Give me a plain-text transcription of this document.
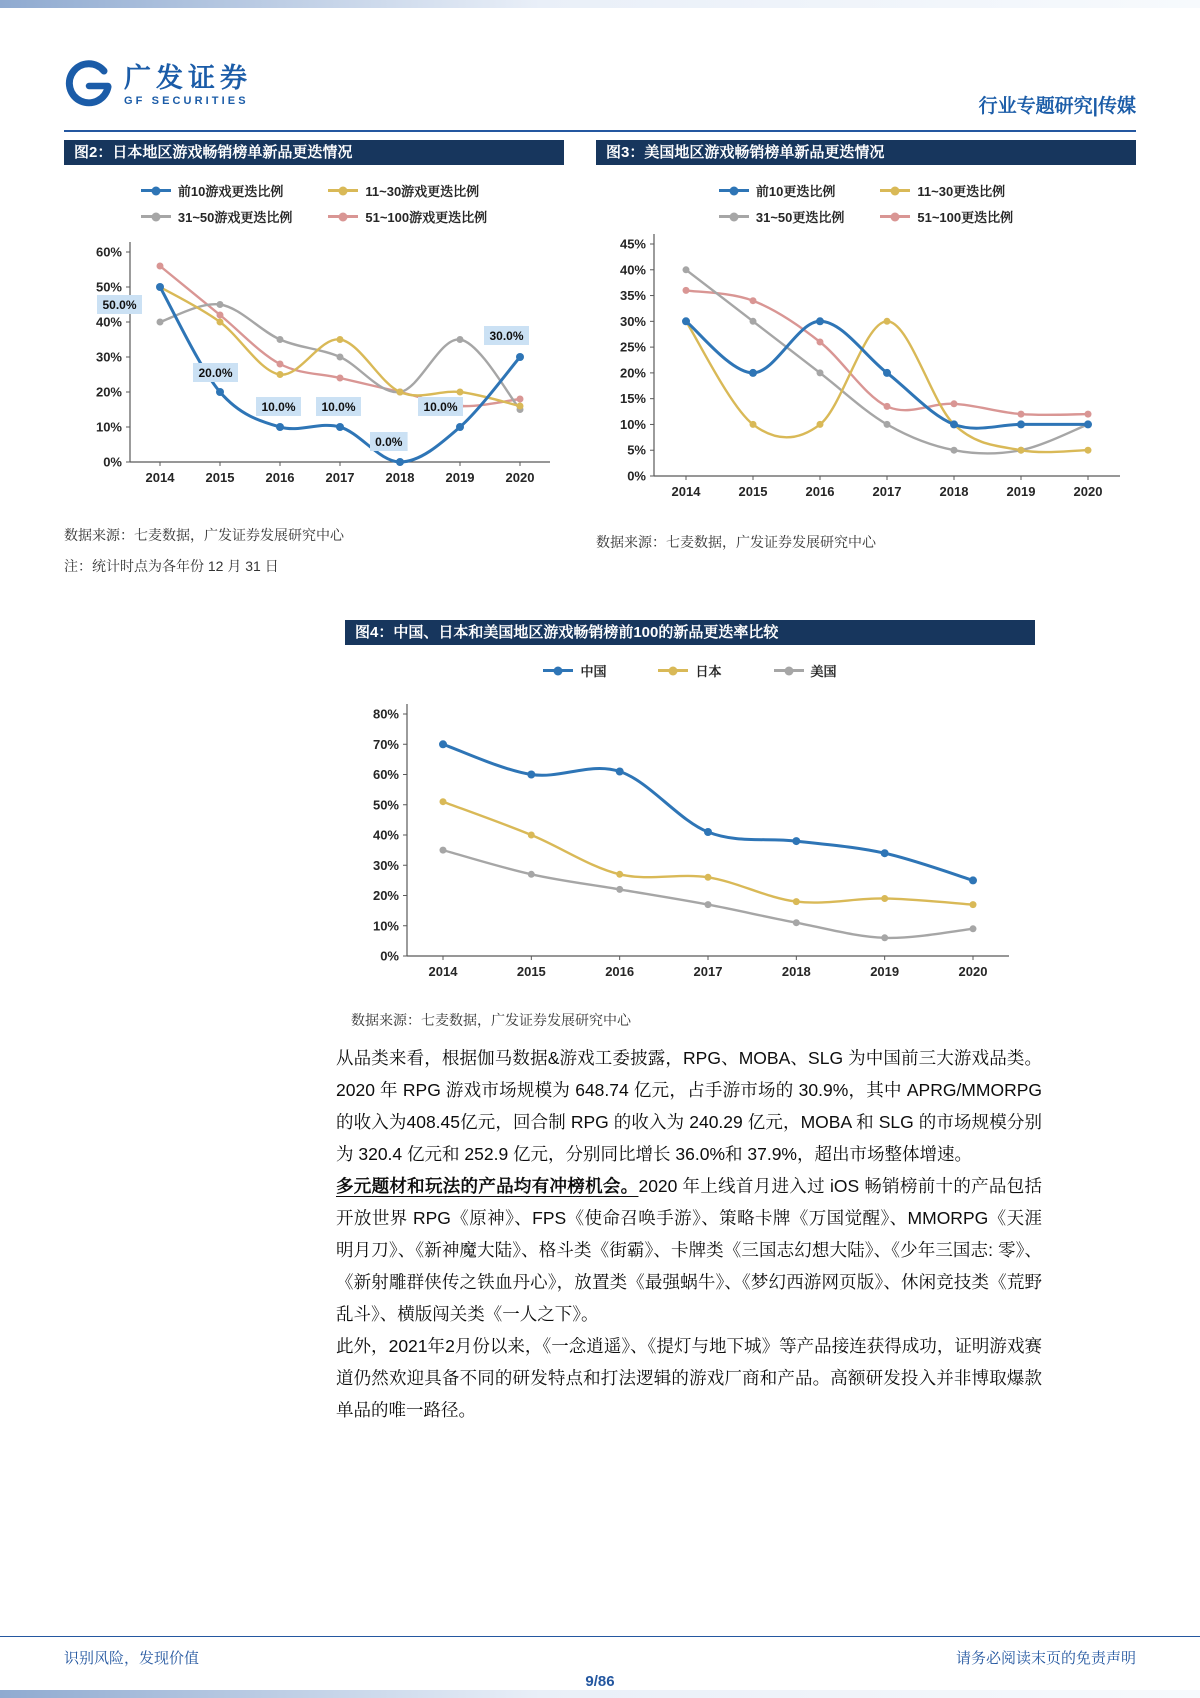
广发证券
GF SECURITIES	行业专题研究|传媒
图2：日本地区游戏畅销榜单新品更迭情况
前10游戏更迭比例	11~30游戏更迭比例
31~50游戏更迭比例	51~100游戏更迭比例
0%
10%
20%
30%
40%
50%
60%
2014 2015 2016 2017 2018 2019 2020
50.0%
20.0%
10.0% 10.0%
0.0%
10.0%
30.0%
数据来源：七麦数据，广发证券发展研究中心
注：统计时点为各年份 12 月 31 日
图3：美国地区游戏畅销榜单新品更迭情况
前10更迭比例	11~30更迭比例
31~50更迭比例	51~100更迭比例
0%
5%
10%
15%
20%
25%
30%
35%
40%
45%
2014	2015	2016	2017	2018	2019	2020
数据来源：七麦数据，广发证券发展研究中心
图4：中国、日本和美国地区游戏畅销榜前100的新品更迭率比较
中国	日本	美国
0%
10%
20%
30%
40%
50%
60%
70%
80%
2014	2015	2016	2017	2018	2019	2020
数据来源：七麦数据，广发证券发展研究中心

从品类来看，根据伽马数据&游戏工委披露，RPG、MOBA、SLG 为中国前三大游戏品类。2020 年 RPG 游戏市场规模为 648.74 亿元，占手游市场的 30.9%，其中 APRG/MMORPG 的收入为408.45亿元，回合制 RPG 的收入为 240.29 亿元，MOBA 和 SLG 的市场规模分别为 320.4 亿元和 252.9 亿元，分别同比增长 36.0%和 37.9%，超出市场整体增速。

多元题材和玩法的产品均有冲榜机会。2020 年上线首月进入过 iOS 畅销榜前十的产品包括开放世界 RPG《原神》、FPS《使命召唤手游》、策略卡牌《万国觉醒》、MMORPG《天涯明月刀》、《新神魔大陆》、格斗类《街霸》、卡牌类《三国志幻想大陆》、《少年三国志: 零》、《新射雕群侠传之铁血丹心》，放置类《最强蜗牛》、《梦幻西游网页版》、休闲竞技类《荒野乱斗》、横版闯关类《一人之下》。

此外，2021年2月份以来，《一念逍遥》、《提灯与地下城》等产品接连获得成功，证明游戏赛道仍然欢迎具备不同的研发特点和打法逻辑的游戏厂商和产品。高额研发投入并非博取爆款单品的唯一路径。

识别风险，发现价值	请务必阅读末页的免责声明
9/86
